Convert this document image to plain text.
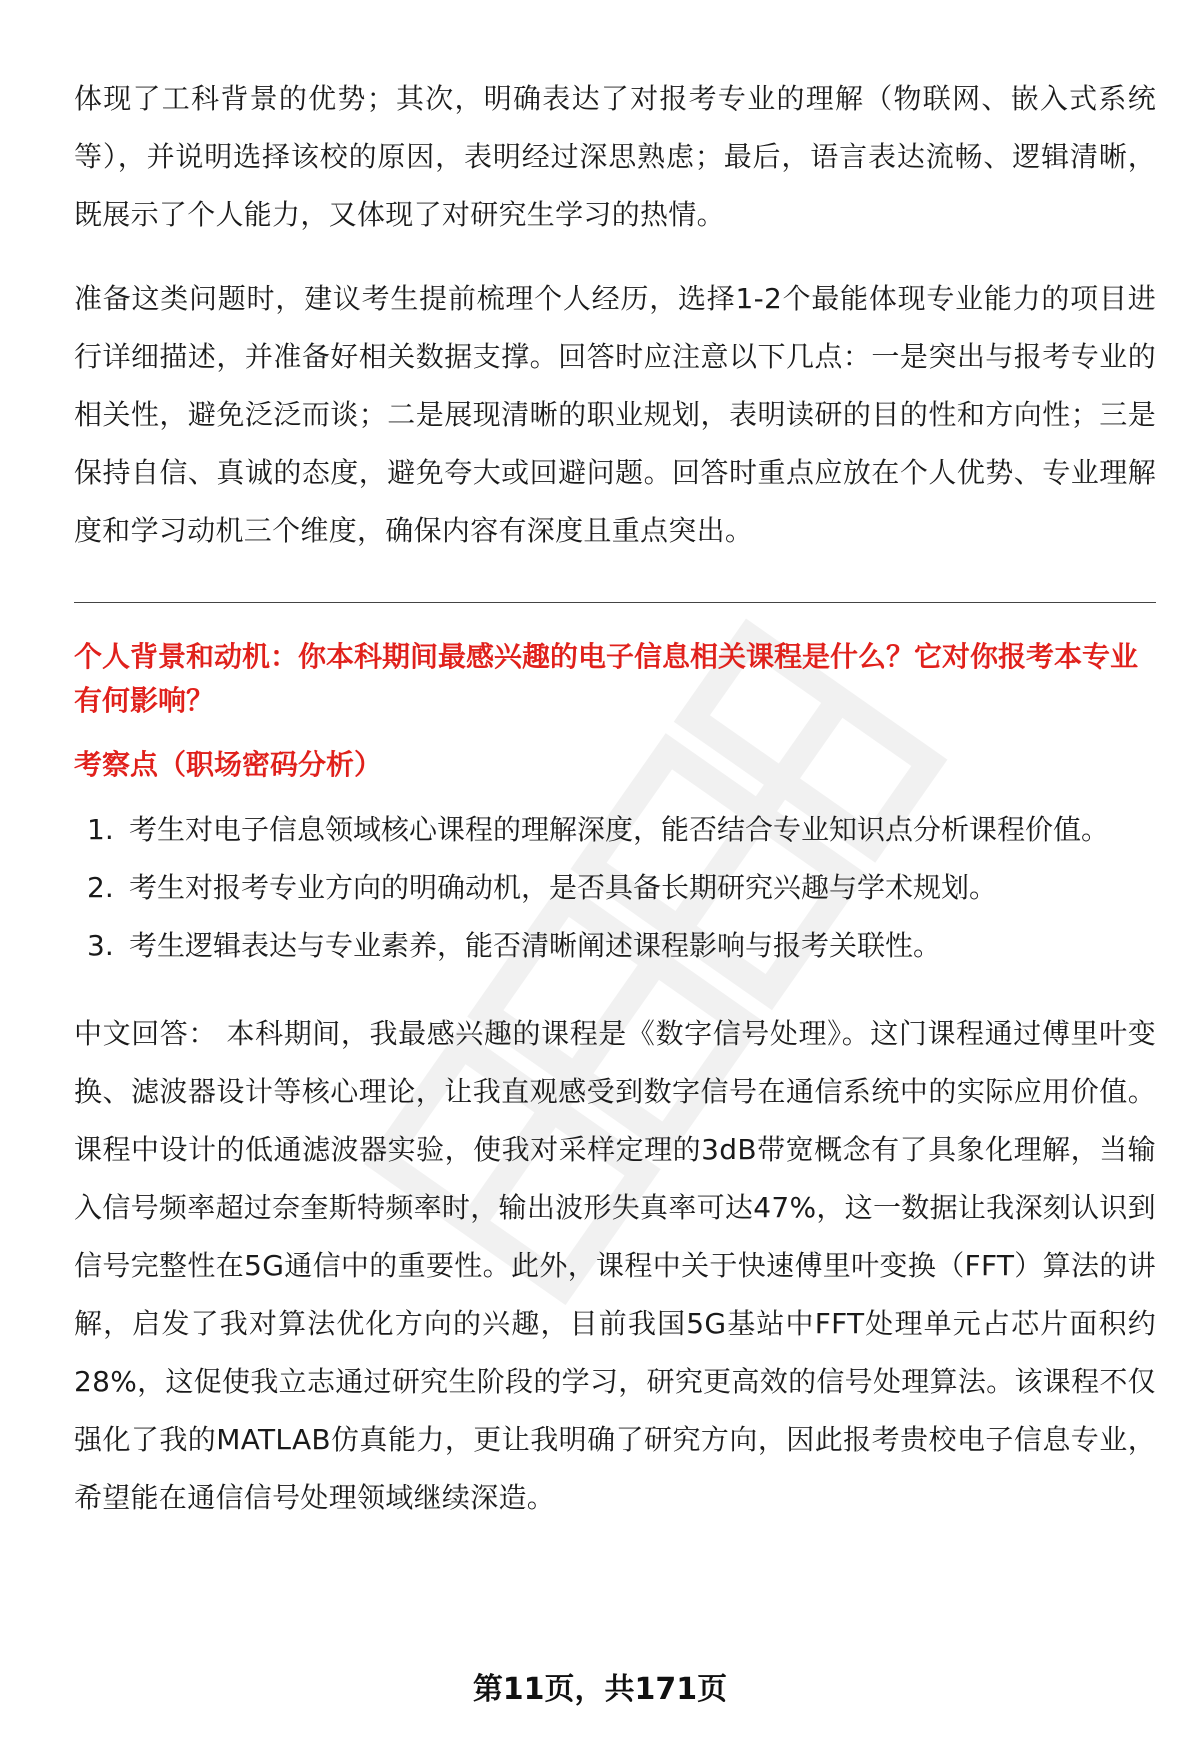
体现了工科背景的优势；其次，明确表达了对报考专业的理解（物联网、嵌入式系统等），并说明选择该校的原因，表明经过深思熟虑；最后，语言表达流畅、逻辑清晰，既展示了个人能力，又体现了对研究生学习的热情。

准备这类问题时，建议考生提前梳理个人经历，选择1-2个最能体现专业能力的项目进行详细描述，并准备好相关数据支撑。回答时应注意以下几点：一是突出与报考专业的相关性，避免泛泛而谈；二是展现清晰的职业规划，表明读研的目的性和方向性；三是保持自信、真诚的态度，避免夸大或回避问题。回答时重点应放在个人优势、专业理解度和学习动机三个维度，确保内容有深度且重点突出。

个人背景和动机：你本科期间最感兴趣的电子信息相关课程是什么？它对你报考本专业有何影响？

考察点（职场密码分析）

1. 考生对电子信息领域核心课程的理解深度，能否结合专业知识点分析课程价值。
2. 考生对报考专业方向的明确动机，是否具备长期研究兴趣与学术规划。
3. 考生逻辑表达与专业素养，能否清晰阐述课程影响与报考关联性。

中文回答： 本科期间，我最感兴趣的课程是《数字信号处理》。这门课程通过傅里叶变换、滤波器设计等核心理论，让我直观感受到数字信号在通信系统中的实际应用价值。课程中设计的低通滤波器实验，使我对采样定理的3dB带宽概念有了具象化理解，当输入信号频率超过奈奎斯特频率时，输出波形失真率可达47%，这一数据让我深刻认识到信号完整性在5G通信中的重要性。此外，课程中关于快速傅里叶变换（FFT）算法的讲解，启发了我对算法优化方向的兴趣，目前我国5G基站中FFT处理单元占芯片面积约28%，这促使我立志通过研究生阶段的学习，研究更高效的信号处理算法。该课程不仅强化了我的MATLAB仿真能力，更让我明确了研究方向，因此报考贵校电子信息专业，希望能在通信信号处理领域继续深造。

第11页，共171页
